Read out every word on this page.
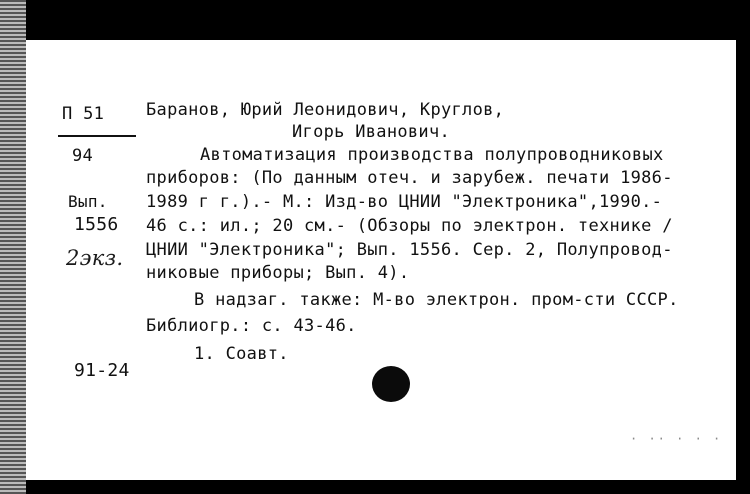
П 51
94
Вып.
1556
2экз.
91-24
Баранов, Юрий Леонидович, Круглов,
Игорь Иванович.
Автоматизация производства полупроводниковых
приборов: (По данным отеч. и зарубеж. печати 1986-
1989 г г.).- М.: Изд-во ЦНИИ "Электроника",1990.-
46 с.: ил.; 20 см.- (Обзоры по электрон. технике /
ЦНИИ "Электроника"; Вып. 1556. Сер. 2, Полупровод-
никовые приборы; Вып. 4).
В надзаг. также: М-во электрон. пром-сти СССР.
Библиогр.: с. 43-46.
1. Соавт.
· ·· · · ·
